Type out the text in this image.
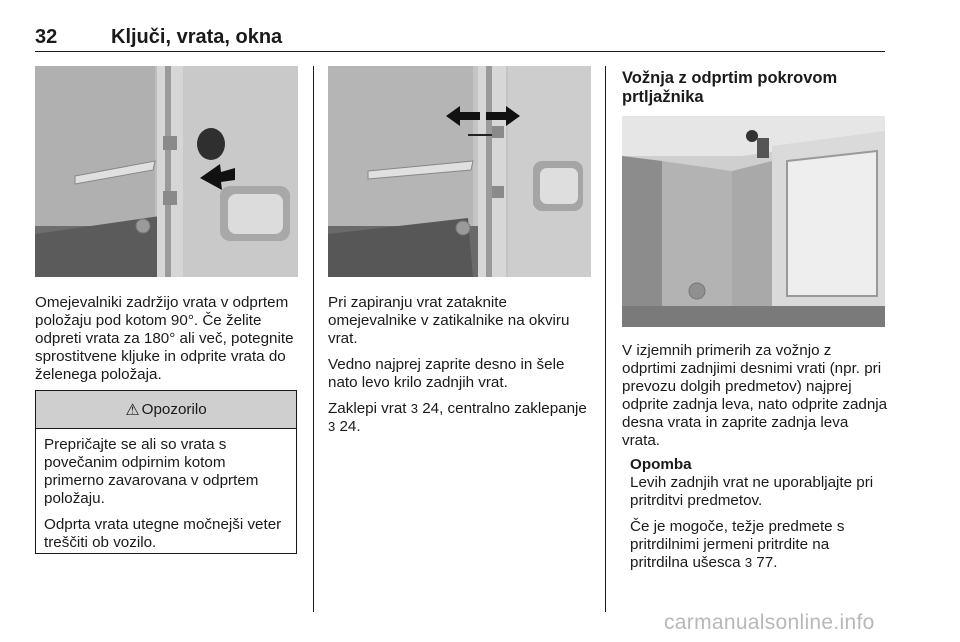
32	Ključi, vrata, okna

Omejevalniki zadržijo vrata v odprtem položaju pod kotom 90°. Če želite odpreti vrata za 180° ali več, potegnite sprostitvene kljuke in odprite vrata do želenega položaja.

⚠ Opozorilo

Prepričajte se ali so vrata s povečanim odpirnim kotom primerno zavarovana v odprtem položaju.

Odprta vrata utegne močnejši veter treščiti ob vozilo.

Pri zapiranju vrat zataknite omejevalnike v zatikalnike na okviru vrat.

Vedno najprej zaprite desno in šele nato levo krilo zadnjih vrat.

Zaklepi vrat 3 24, centralno zaklepanje 3 24.

Vožnja z odprtim pokrovom prtljažnika

V izjemnih primerih za vožnjo z odprtimi zadnjimi desnimi vrati (npr. pri prevozu dolgih predmetov) najprej odprite zadnja leva, nato odprite zadnja desna vrata in zaprite zadnja leva vrata.

Opomba

Levih zadnjih vrat ne uporabljajte pri pritrditvi predmetov.

Če je mogoče, težje predmete s pritrdilnimi jermeni pritrdite na pritrdilna ušesca 3 77.

carmanualsonline.info
